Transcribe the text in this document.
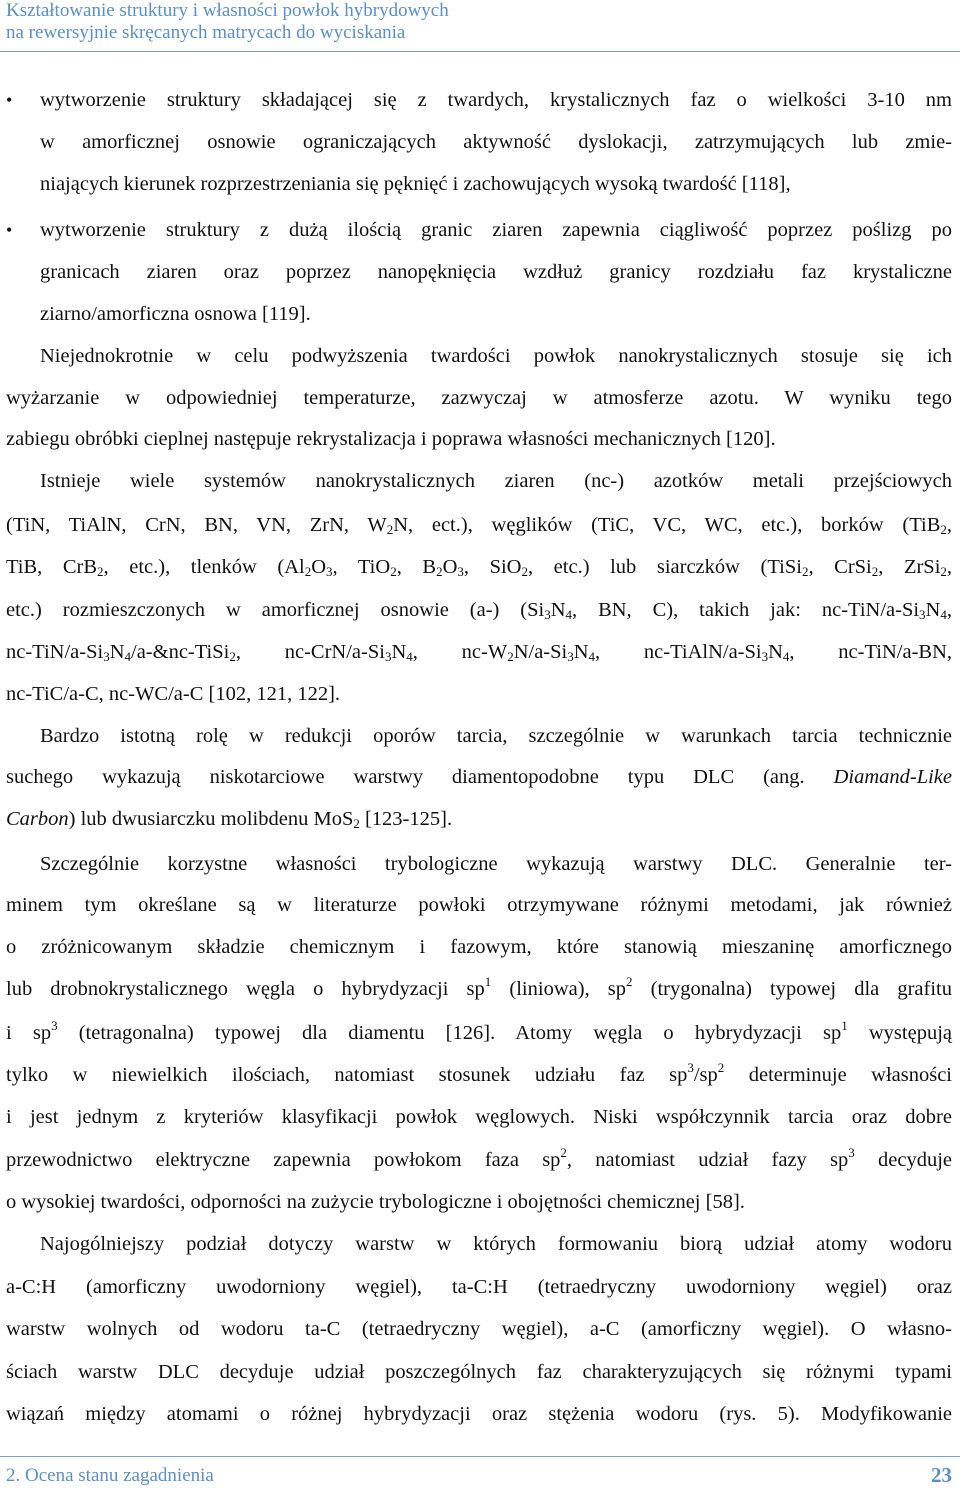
Kształtowanie struktury i własności powłok hybrydowych
na rewersyjnie skręcanych matrycach do wyciskania
• wytworzenie struktury składającej się z twardych, krystalicznych faz o wielkości 3-10 nm
w amorficznej osnowie ograniczających aktywność dyslokacji, zatrzymujących lub zmie-
niających kierunek rozprzestrzeniania się pęknięć i zachowujących wysoką twardość [118],
• wytworzenie struktury z dużą ilością granic ziaren zapewnia ciągliwość poprzez poślizg po
granicach ziaren oraz poprzez nanopęknięcia wzdłuż granicy rozdziału faz krystaliczne
ziarno/amorficzna osnowa [119].
Niejednokrotnie w celu podwyższenia twardości powłok nanokrystalicznych stosuje się ich
wyżarzanie w odpowiedniej temperaturze, zazwyczaj w atmosferze azotu. W wyniku tego
zabiegu obróbki cieplnej następuje rekrystalizacja i poprawa własności mechanicznych [120].
Istnieje wiele systemów nanokrystalicznych ziaren (nc-) azotków metali przejściowych
(TiN, TiAlN, CrN, BN, VN, ZrN, $W_2N$, ect.), węglików (TiC, VC, WC, etc.), borków (TiB$_2$,
TiB, CrB$_2$, etc.), tlenków ($Al_2O_3$, TiO$_2$, $B_2O_3$, SiO$_2$, etc.) lub siarczków (TiSi$_2$, CrSi$_2$, ZrSi$_2$,
etc.) rozmieszczonych w amorficznej osnowie (a-) ($Si_3N_4$, BN, C), takich jak: $nc-TiN/a-Si_3N_4$,
$nc-TiN/a-Si_3N_4/a-\&nc-TiSi_2$, $nc-CrN/a-Si_3N_4$, $nc-W_2N/a-Si_3N_4$, $nc-TiAlN/a-Si_3N_4$, nc-TiN/a-BN,
nc-TiC/a-C, nc-WC/a-C [102, 121, 122].
Bardzo istotną rolę w redukcji oporów tarcia, szczególnie w warunkach tarcia technicznie
suchego wykazują niskotarciowe warstwy diamentopodobne typu DLC (ang. Diamand-Like
Carbon) lub dwusiarczku molibdenu MoS$_2$ [123-125].
Szczególnie korzystne własności trybologiczne wykazują warstwy DLC. Generalnie ter-
minem tym określane są w literaturze powłoki otrzymywane różnymi metodami, jak również
o zróżnicowanym składzie chemicznym i fazowym, które stanowią mieszaninę amorficznego
lub drobnokrystalicznego węgla o hybrydyzacji $sp^1$ (liniowa), $sp^2$ (trygonalna) typowej dla grafitu
i $sp^3$ (tetragonalna) typowej dla diamentu [126]. Atomy węgla o hybrydyzacji $sp^1$ występują
tylko w niewielkich ilościach, natomiast stosunek udziału faz $sp^3/sp^2$ determinuje własności
i jest jednym z kryteriów klasyfikacji powłok węglowych. Niski współczynnik tarcia oraz dobre
przewodnictwo elektryczne zapewnia powłokom faza $sp^2$, natomiast udział fazy $sp^3$ decyduje
o wysokiej twardości, odporności na zużycie trybologiczne i obojętności chemicznej [58].
Najogólniejszy podział dotyczy warstw w których formowaniu biorą udział atomy wodoru
a-C:H (amorficzny uwodorniony węgiel), ta-C:H (tetraedryczny uwodorniony węgiel) oraz
warstw wolnych od wodoru ta-C (tetraedryczny węgiel), a-C (amorficzny węgiel). O własno-
ściach warstw DLC decyduje udział poszczególnych faz charakteryzujących się różnymi typami
wiązań między atomami o różnej hybrydyzacji oraz stężenia wodoru (rys. 5). Modyfikowanie
2. Ocena stanu zagadnienia	23
